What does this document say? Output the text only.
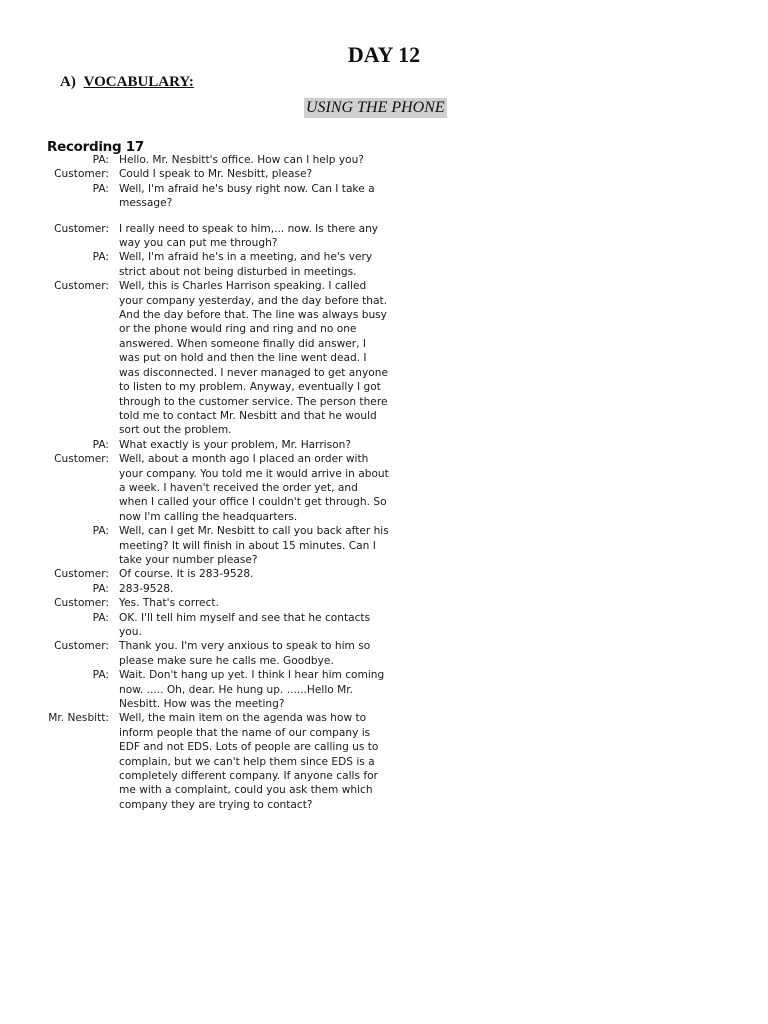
DAY 12
A) VOCABULARY:
USING THE PHONE
Recording 17
PA: Hello. Mr. Nesbitt's office. How can I help you?
Customer: Could I speak to Mr. Nesbitt, please?
PA: Well, I'm afraid he's busy right now. Can I take a message?
Customer: I really need to speak to him,... now. Is there any way you can put me through?
PA: Well, I'm afraid he's in a meeting, and he's very strict about not being disturbed in meetings.
Customer: Well, this is Charles Harrison speaking. I called your company yesterday, and the day before that. And the day before that. The line was always busy or the phone would ring and ring and no one answered. When someone finally did answer, I was put on hold and then the line went dead. I was disconnected. I never managed to get anyone to listen to my problem. Anyway, eventually I got through to the customer service. The person there told me to contact Mr. Nesbitt and that he would sort out the problem.
PA: What exactly is your problem, Mr. Harrison?
Customer: Well, about a month ago I placed an order with your company. You told me it would arrive in about a week. I haven't received the order yet, and when I called your office I couldn't get through. So now I'm calling the headquarters.
PA: Well, can I get Mr. Nesbitt to call you back after his meeting? It will finish in about 15 minutes. Can I take your number please?
Customer: Of course. It is 283-9528.
PA: 283-9528.
Customer: Yes. That's correct.
PA: OK. I'll tell him myself and see that he contacts you.
Customer: Thank you. I'm very anxious to speak to him so please make sure he calls me. Goodbye.
PA: Wait. Don't hang up yet. I think I hear him coming now. ..... Oh, dear. He hung up. ......Hello Mr. Nesbitt. How was the meeting?
Mr. Nesbitt: Well, the main item on the agenda was how to inform people that the name of our company is EDF and not EDS. Lots of people are calling us to complain, but we can't help them since EDS is a completely different company. If anyone calls for me with a complaint, could you ask them which company they are trying to contact?
